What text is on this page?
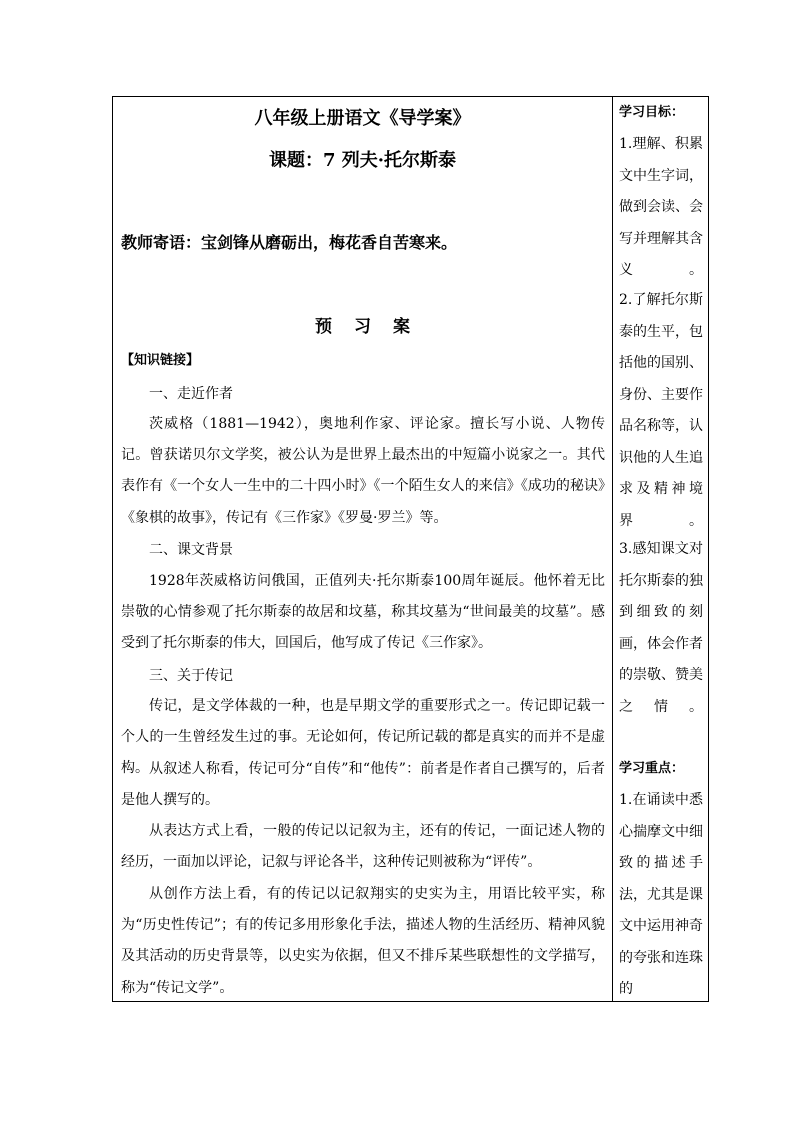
八年级上册语文《导学案》
课题：7 列夫·托尔斯泰
教师寄语：宝剑锋从磨砺出，梅花香自苦寒来。
预习案
【知识链接】
一、走近作者
茨威格（1881—1942），奥地利作家、评论家。擅长写小说、人物传记。曾获诺贝尔文学奖，被公认为是世界上最杰出的中短篇小说家之一。其代表作有《一个女人一生中的二十四小时》《一个陌生女人的来信》《成功的秘诀》《象棋的故事》，传记有《三作家》《罗曼·罗兰》等。
二、课文背景
1928年茨威格访问俄国，正值列夫·托尔斯泰100周年诞辰。他怀着无比崇敬的心情参观了托尔斯泰的故居和坟墓，称其坟墓为“世间最美的坟墓”。感受到了托尔斯泰的伟大，回国后，他写成了传记《三作家》。
三、关于传记
传记，是文学体裁的一种，也是早期文学的重要形式之一。传记即记载一个人的一生曾经发生过的事。无论如何，传记所记载的都是真实的而并不是虚构。 从叙述人称看，传记可分“自传”和“他传”：前者是作者自己撰写的，后者是他人撰写的。
从表达方式上看，一般的传记以记叙为主，还有的传记，一面记述人物的经历，一面加以评论，记叙与评论各半，这种传记则被称为“评传”。
从创作方法上看，有的传记以记叙翔实的史实为主，用语比较平实，称为“历史性传记”；有的传记多用形象化手法，描述人物的生活经历、精神风貌及其活动的历史背景等，以史实为依据，但又不排斥某些联想性的文学描写，称为“传记文学”。
学习目标：
1.理解、积累文中生字词，做到会读、会写并理解其含义。
2.了解托尔斯泰的生平，包括他的国别、身份、主要作品名称等，认识他的人生追求及精神境界。
3.感知课文对托尔斯泰的独到细致的刻画，体会作者的崇敬、赞美之情。
学习重点：
1.在诵读中悉心揣摩文中细致的描述手法，尤其是课文中运用神奇的夸张和连珠的
